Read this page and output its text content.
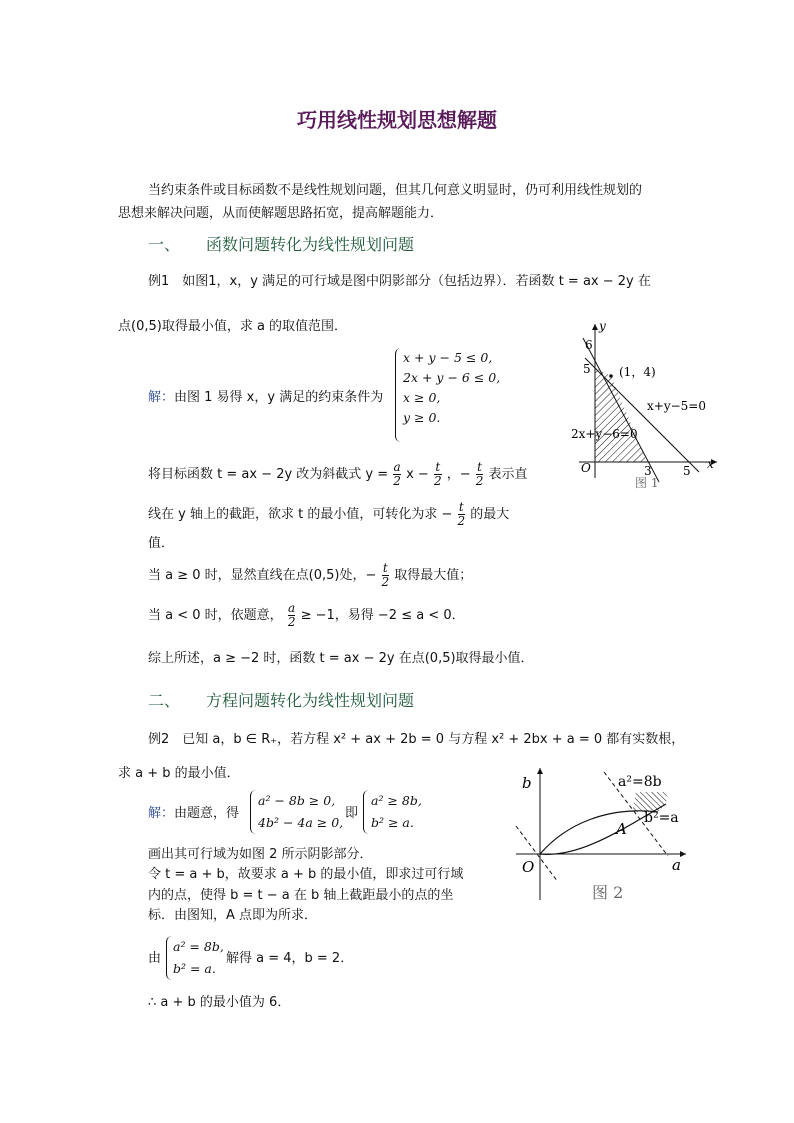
巧用线性规划思想解题
当约束条件或目标函数不是线性规划问题，但其几何意义明显时，仍可利用线性规划的
思想来解决问题，从而使解题思路拓宽，提高解题能力．
一、 函数问题转化为线性规划问题
例1　如图1，x，y 满足的可行域是图中阴影部分（包括边界）．若函数 t = ax − 2y 在
点(0,5)取得最小值，求 a 的取值范围．
解：由图 1 易得 x，y 满足的约束条件为
x + y − 5 ≤ 0,
2x + y − 6 ≤ 0,
x ≥ 0,
y ≥ 0.
将目标函数 t = ax − 2y 改为斜截式 $y = \frac{a}{2}$ $x - \frac{t}{2}$ ，− $\frac{t}{2}$ 表示直
线在 y 轴上的截距，欲求 t 的最小值，可转化为求 − $\frac{t}{2}$ 的最大
值．
当 a ≥ 0 时，显然直线在点(0,5)处，− $\frac{t}{2}$ 取得最大值；
当 a < 0 时，依题意， $\frac{a}{2} \ge -1$，易得 −2 ≤ a < 0．
综上所述，a ≥ −2 时，函数 t = ax − 2y 在点(0,5)取得最小值．
y
x
O
6
5
3	5
(1，4)
x+y−5=0
2x+y−6=0
图 1
二、 方程问题转化为线性规划问题
例2　已知 a，b ∈ R₊，若方程 x² + ax + 2b = 0 与方程 x² + 2bx + a = 0 都有实数根，
求 a + b 的最小值．
解：由题意，得
a² − 8b ≥ 0,
4b² − 4a ≥ 0,
即
a² ≥ 8b,
b² ≥ a.
画出其可行域为如图 2 所示阴影部分．
令 t = a + b，故要求 a + b 的最小值，即求过可行域
内的点，使得 b = t − a 在 b 轴上截距最小的点的坐
标．由图知，A 点即为所求．
由
a² = 8b,
b² = a.
解得 a = 4，b = 2．
∴ a + b 的最小值为 6．
b
a
O
A
a²=8b
b²=a
图 2
